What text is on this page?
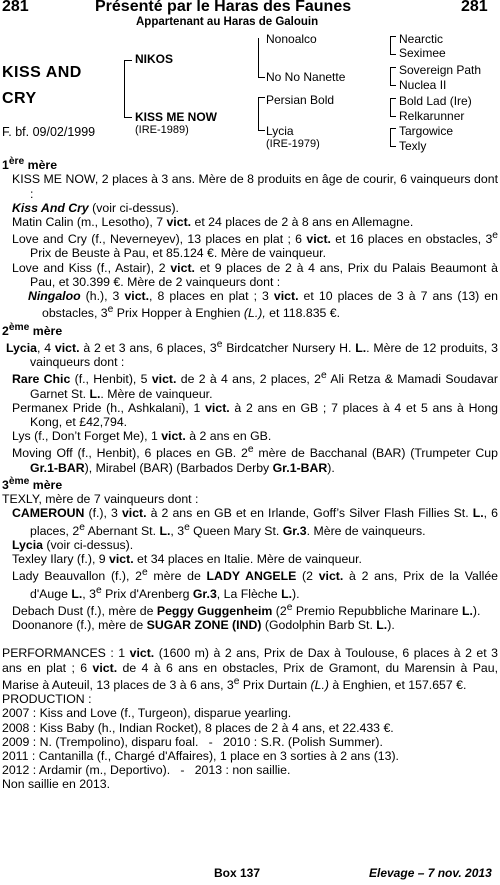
281	Présenté par le Haras des Faunes	281
Appartenant au Haras de Galouin
KISS AND
CRY
F. bf. 09/02/1999
NIKOS
KISS ME NOW
(IRE-1989)
Nonoalco
No No Nanette
Persian Bold
Lycia
(IRE-1979)
Nearctic
Seximee
Sovereign Path
Nuclea II
Bold Lad (Ire)
Relkarunner
Targowice
Texly

1ère mère

KISS ME NOW, 2 places à 3 ans. Mère de 8 produits en âge de courir, 6 vainqueurs dont :

Kiss And Cry (voir ci-dessus).

Matin Calin (m., Lesotho), 7 vict. et 24 places de 2 à 8 ans en Allemagne.

Love and Cry (f., Neverneyev), 13 places en plat ; 6 vict. et 16 places en obstacles, 3e Prix de Beuste à Pau, et 85.124 €. Mère de vainqueur.

Love and Kiss (f., Astair), 2 vict. et 9 places de 2 à 4 ans, Prix du Palais Beaumont à Pau, et 30.399 €. Mère de 2 vainqueurs dont :

Ningaloo (h.), 3 vict., 8 places en plat ; 3 vict. et 10 places de 3 à 7 ans (13) en obstacles, 3e Prix Hopper à Enghien (L.), et 118.835 €.

2ème mère

Lycia, 4 vict. à 2 et 3 ans, 6 places, 3e Birdcatcher Nursery H. L.. Mère de 12 produits, 3 vainqueurs dont :

Rare Chic (f., Henbit), 5 vict. de 2 à 4 ans, 2 places, 2e Ali Retza & Mamadi Soudavar Garnet St. L.. Mère de vainqueur.

Permanex Pride (h., Ashkalani), 1 vict. à 2 ans en GB ; 7 places à 4 et 5 ans à Hong Kong, et £42,794.

Lys (f., Don’t Forget Me), 1 vict. à 2 ans en GB.

Moving Off (f., Henbit), 6 places en GB. 2e mère de Bacchanal (BAR) (Trumpeter Cup Gr.1-BAR), Mirabel (BAR) (Barbados Derby Gr.1-BAR).

3ème mère

TEXLY, mère de 7 vainqueurs dont :

CAMEROUN (f.), 3 vict. à 2 ans en GB et en Irlande, Goff’s Silver Flash Fillies St. L., 6 places, 2e Abernant St. L., 3e Queen Mary St. Gr.3. Mère de vainqueurs.

Lycia (voir ci-dessus).

Texley Ilary (f.), 9 vict. et 34 places en Italie. Mère de vainqueur.

Lady Beauvallon (f.), 2e mère de LADY ANGELE (2 vict. à 2 ans, Prix de la Vallée d'Auge L., 3e Prix d'Arenberg Gr.3, La Flèche L.).

Debach Dust (f.), mère de Peggy Guggenheim (2e Premio Repubbliche Marinare L.).

Doonanore (f.), mère de SUGAR ZONE (IND) (Godolphin Barb St. L.).

PERFORMANCES : 1 vict. (1600 m) à 2 ans, Prix de Dax à Toulouse, 6 places à 2 et 3 ans en plat ; 6 vict. de 4 à 6 ans en obstacles, Prix de Gramont, du Marensin à Pau, Marise à Auteuil, 13 places de 3 à 6 ans, 3e Prix Durtain (L.) à Enghien, et 157.657 €.

PRODUCTION :

2007 : Kiss and Love (f., Turgeon), disparue yearling.

2008 : Kiss Baby (h., Indian Rocket), 8 places de 2 à 4 ans, et 22.433 €.

2009 : N. (Trempolino), disparu foal.   -   2010 : S.R. (Polish Summer).

2011 : Cantanilla (f., Chargé d'Affaires), 1 place en 3 sorties à 2 ans (13).

2012 : Ardamir (m., Deportivo).   -   2013 : non saillie.

Non saillie en 2013.

Box 137	Elevage – 7 nov. 2013
